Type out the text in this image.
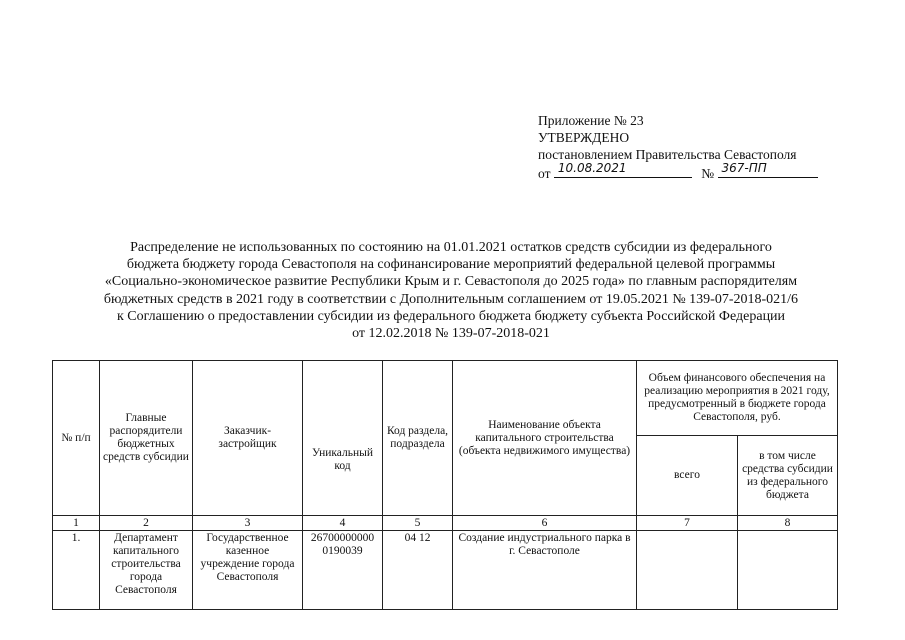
Приложение № 23
УТВЕРЖДЕНО
постановлением Правительства Севастополя
от 10.08.2021	№ 367-ПП
Распределение не использованных по состоянию на 01.01.2021 остатков средств субсидии из федерального
бюджета бюджету города Севастополя на софинансирование мероприятий федеральной целевой программы
«Социально-экономическое развитие Республики Крым и г. Севастополя до 2025 года» по главным распорядителям
бюджетных средств в 2021 году в соответствии с Дополнительным соглашением от 19.05.2021 № 139-07-2018-021/6
к Соглашению о предоставлении субсидии из федерального бюджета бюджету субъекта Российской Федерации
от 12.02.2018 № 139-07-2018-021
№ п/п	Главные распорядители бюджетных средств субсидии	Заказчик-застройщик	Уникальный код	Код раздела, подраздела	Наименование объекта капитального строительства (объекта недвижимого имущества)	Объем финансового обеспечения на реализацию мероприятия в 2021 году, предусмотренный в бюджете города Севастополя, руб.	
						всего	в том числе средства субсидии из федерального бюджета
1	2	3	4	5	6	7	8
1.	Департамент капитального строительства города Севастополя	Государственное казенное учреждение города Севастополя	26700000000 0190039	04 12	Создание индустриального парка в г. Севастополе		
